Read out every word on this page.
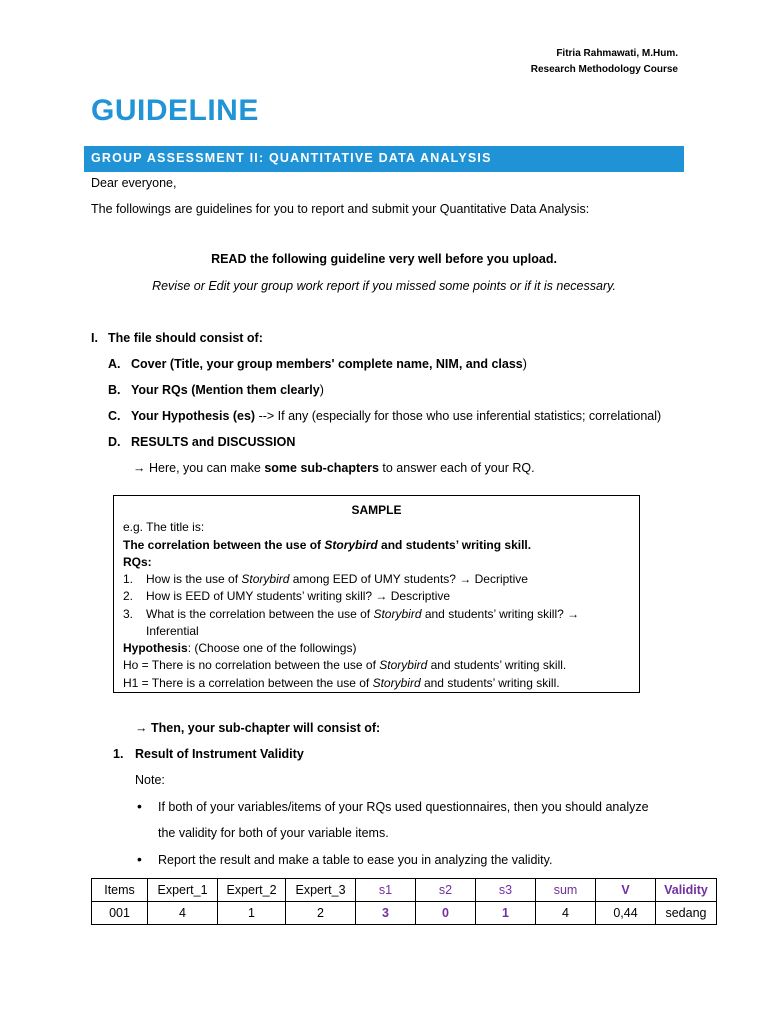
Fitria Rahmawati, M.Hum.
Research Methodology Course
GUIDELINE
GROUP ASSESSMENT II: QUANTITATIVE DATA ANALYSIS
Dear everyone,
The followings are guidelines for you to report and submit your Quantitative Data Analysis:
READ the following guideline very well before you upload.
Revise or Edit your group work report if you missed some points or if it is necessary.
I. The file should consist of:
A. Cover (Title, your group members' complete name, NIM, and class)
B. Your RQs (Mention them clearly)
C. Your Hypothesis (es) --> If any (especially for those who use inferential statistics; correlational)
D. RESULTS and DISCUSSION
→ Here, you can make some sub-chapters to answer each of your RQ.
SAMPLE
e.g. The title is:
The correlation between the use of Storybird and students’ writing skill.
RQs:
1. How is the use of Storybird among EED of UMY students? → Decriptive
2. How is EED of UMY students’ writing skill? → Descriptive
3. What is the correlation between the use of Storybird and students’ writing skill? →
Inferential
Hypothesis: (Choose one of the followings)
Ho = There is no correlation between the use of Storybird and students’ writing skill.
H1 = There is a correlation between the use of Storybird and students’ writing skill.
→ Then, your sub-chapter will consist of:
1. Result of Instrument Validity
Note:
• If both of your variables/items of your RQs used questionnaires, then you should analyze
the validity for both of your variable items.
• Report the result and make a table to ease you in analyzing the validity.
Items	Expert_1	Expert_2	Expert_3	s1	s2	s3	sum	V	Validity
001	4	1	2	3	0	1	4	0,44	sedang
